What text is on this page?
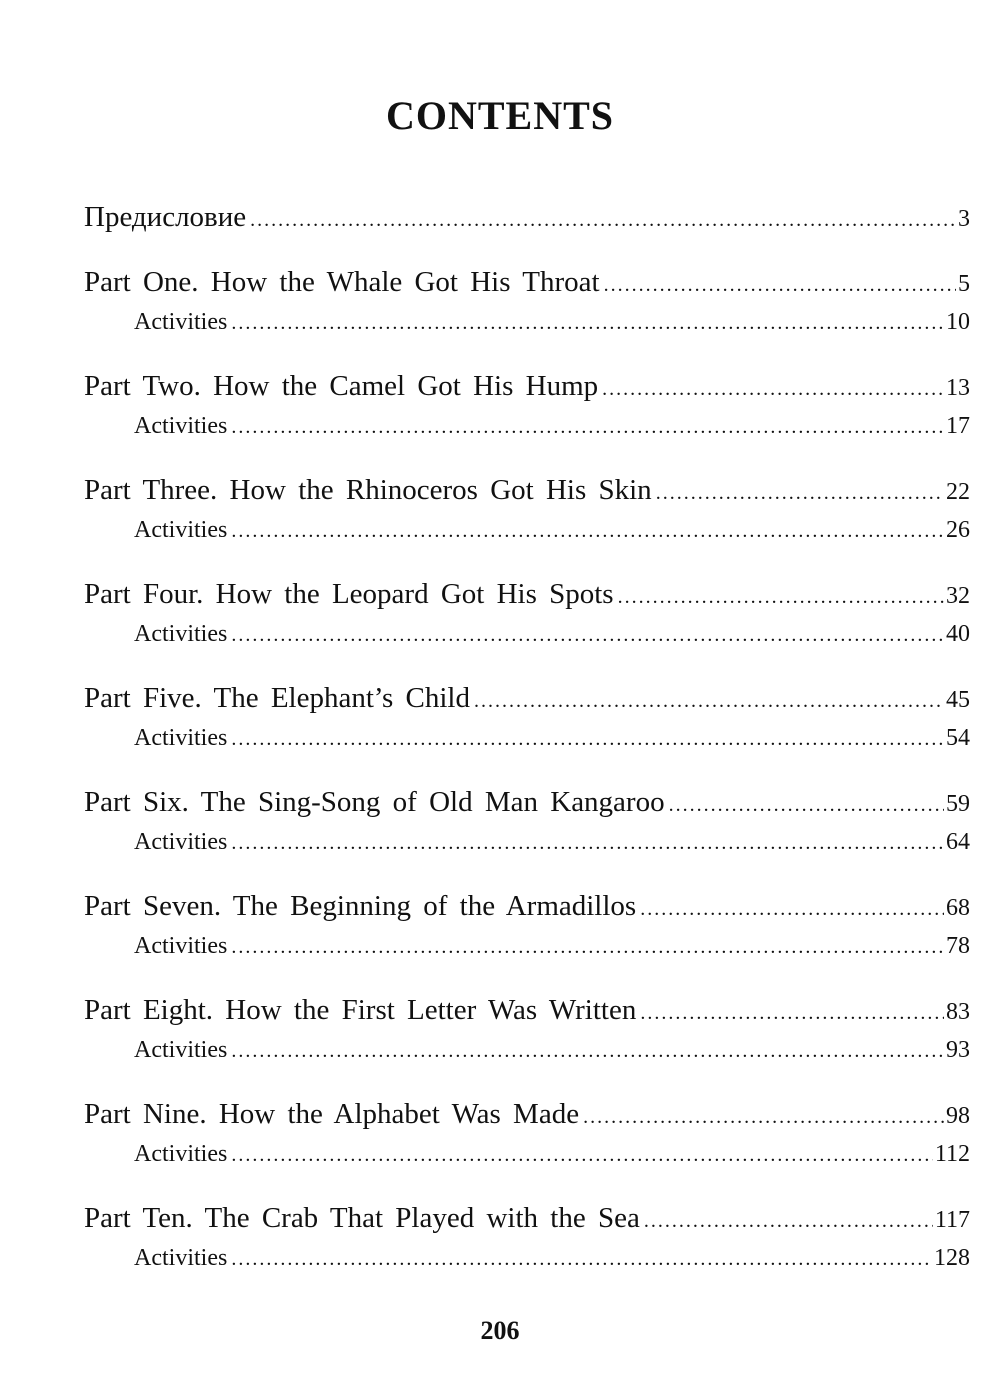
CONTENTS
Предисловие .....	3
Part One. How the Whale Got His Throat .....	5
Activities .....	10
Part Two. How the Camel Got His Hump .....	13
Activities .....	17
Part Three. How the Rhinoceros Got His Skin .....	22
Activities .....	26
Part Four. How the Leopard Got His Spots .....	32
Activities .....	40
Part Five. The Elephant’s Child .....	45
Activities .....	54
Part Six. The Sing-Song of Old Man Kangaroo .....	59
Activities .....	64
Part Seven. The Beginning of the Armadillos .....	68
Activities .....	78
Part Eight. How the First Letter Was Written .....	83
Activities .....	93
Part Nine. How the Alphabet Was Made .....	98
Activities .....	112
Part Ten. The Crab That Played with the Sea .....	117
Activities .....	128
206
